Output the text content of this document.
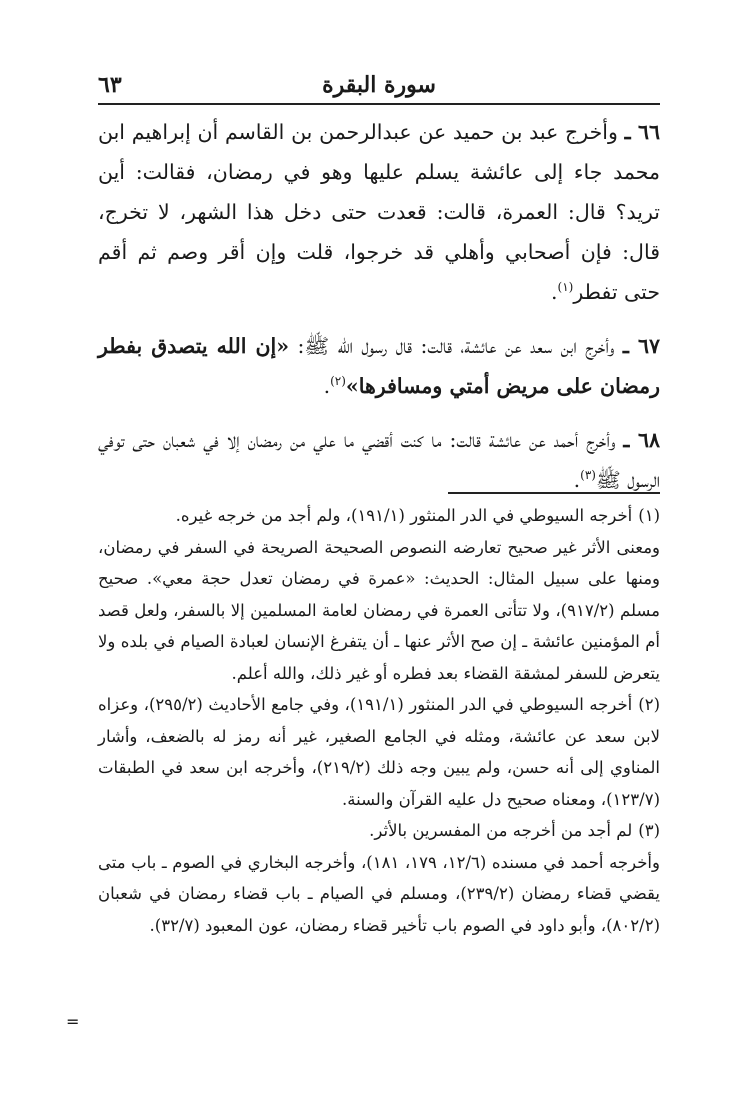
سورة البقرة
٦٣

٦٦ ـ وأخرج عبد بن حميد عن عبدالرحمن بن القاسم أن إبراهيم ابن محمد جاء إلى عائشة يسلم عليها وهو في رمضان، فقالت: أين تريد؟ قال: العمرة، قالت: قعدت حتى دخل هذا الشهر، لا تخرج، قال: فإن أصحابي وأهلي قد خرجوا، قلت وإن أقر وصم ثم أقم حتى تفطر$^{(١)}$.

٦٧ ـ وأخرج ابن سعد عن عائشة، قالت: قال رسول الله ﷺ: «إن الله يتصدق بفطر رمضان على مريض أمتي ومسافرها»$^{(٢)}$.

٦٨ ـ وأخرج أحمد عن عائشة قالت: ما كنت أقضي ما علي من رمضان إلا في شعبان حتى توفي الرسول ﷺ$^{(٣)}$.

(١)أخرجه السيوطي في الدر المنثور (١٩١/١)، ولم أجد من خرجه غيره.
ومعنى الأثر غير صحيح تعارضه النصوص الصحيحة الصريحة في السفر في رمضان، ومنها على سبيل المثال: الحديث: «عمرة في رمضان تعدل حجة معي». صحيح مسلم (٩١٧/٢)، ولا تتأتى العمرة في رمضان لعامة المسلمين إلا بالسفر، ولعل قصد أم المؤمنين عائشة ـ إن صح الأثر عنها ـ أن يتفرغ الإنسان لعبادة الصيام في بلده ولا يتعرض للسفر لمشقة القضاء بعد فطره أو غير ذلك، والله أعلم.
(٢)أخرجه السيوطي في الدر المنثور (١٩١/١)، وفي جامع الأحاديث (٢٩٥/٢)، وعزاه لابن سعد عن عائشة، ومثله في الجامع الصغير، غير أنه رمز له بالضعف، وأشار المناوي إلى أنه حسن، ولم يبين وجه ذلك (٢١٩/٢)، وأخرجه ابن سعد في الطبقات (١٢٣/٧)، ومعناه صحيح دل عليه القرآن والسنة.
(٣)لم أجد من أخرجه من المفسرين بالأثر.
وأخرجه أحمد في مسنده (١٢/٦، ١٧٩، ١٨١)، وأخرجه البخاري في الصوم ـ باب متى يقضي قضاء رمضان (٢٣٩/٢)، ومسلم في الصيام ـ باب قضاء رمضان في شعبان (٨٠٢/٢)، وأبو داود في الصوم باب تأخير قضاء رمضان، عون المعبود (٣٢/٧).
=
